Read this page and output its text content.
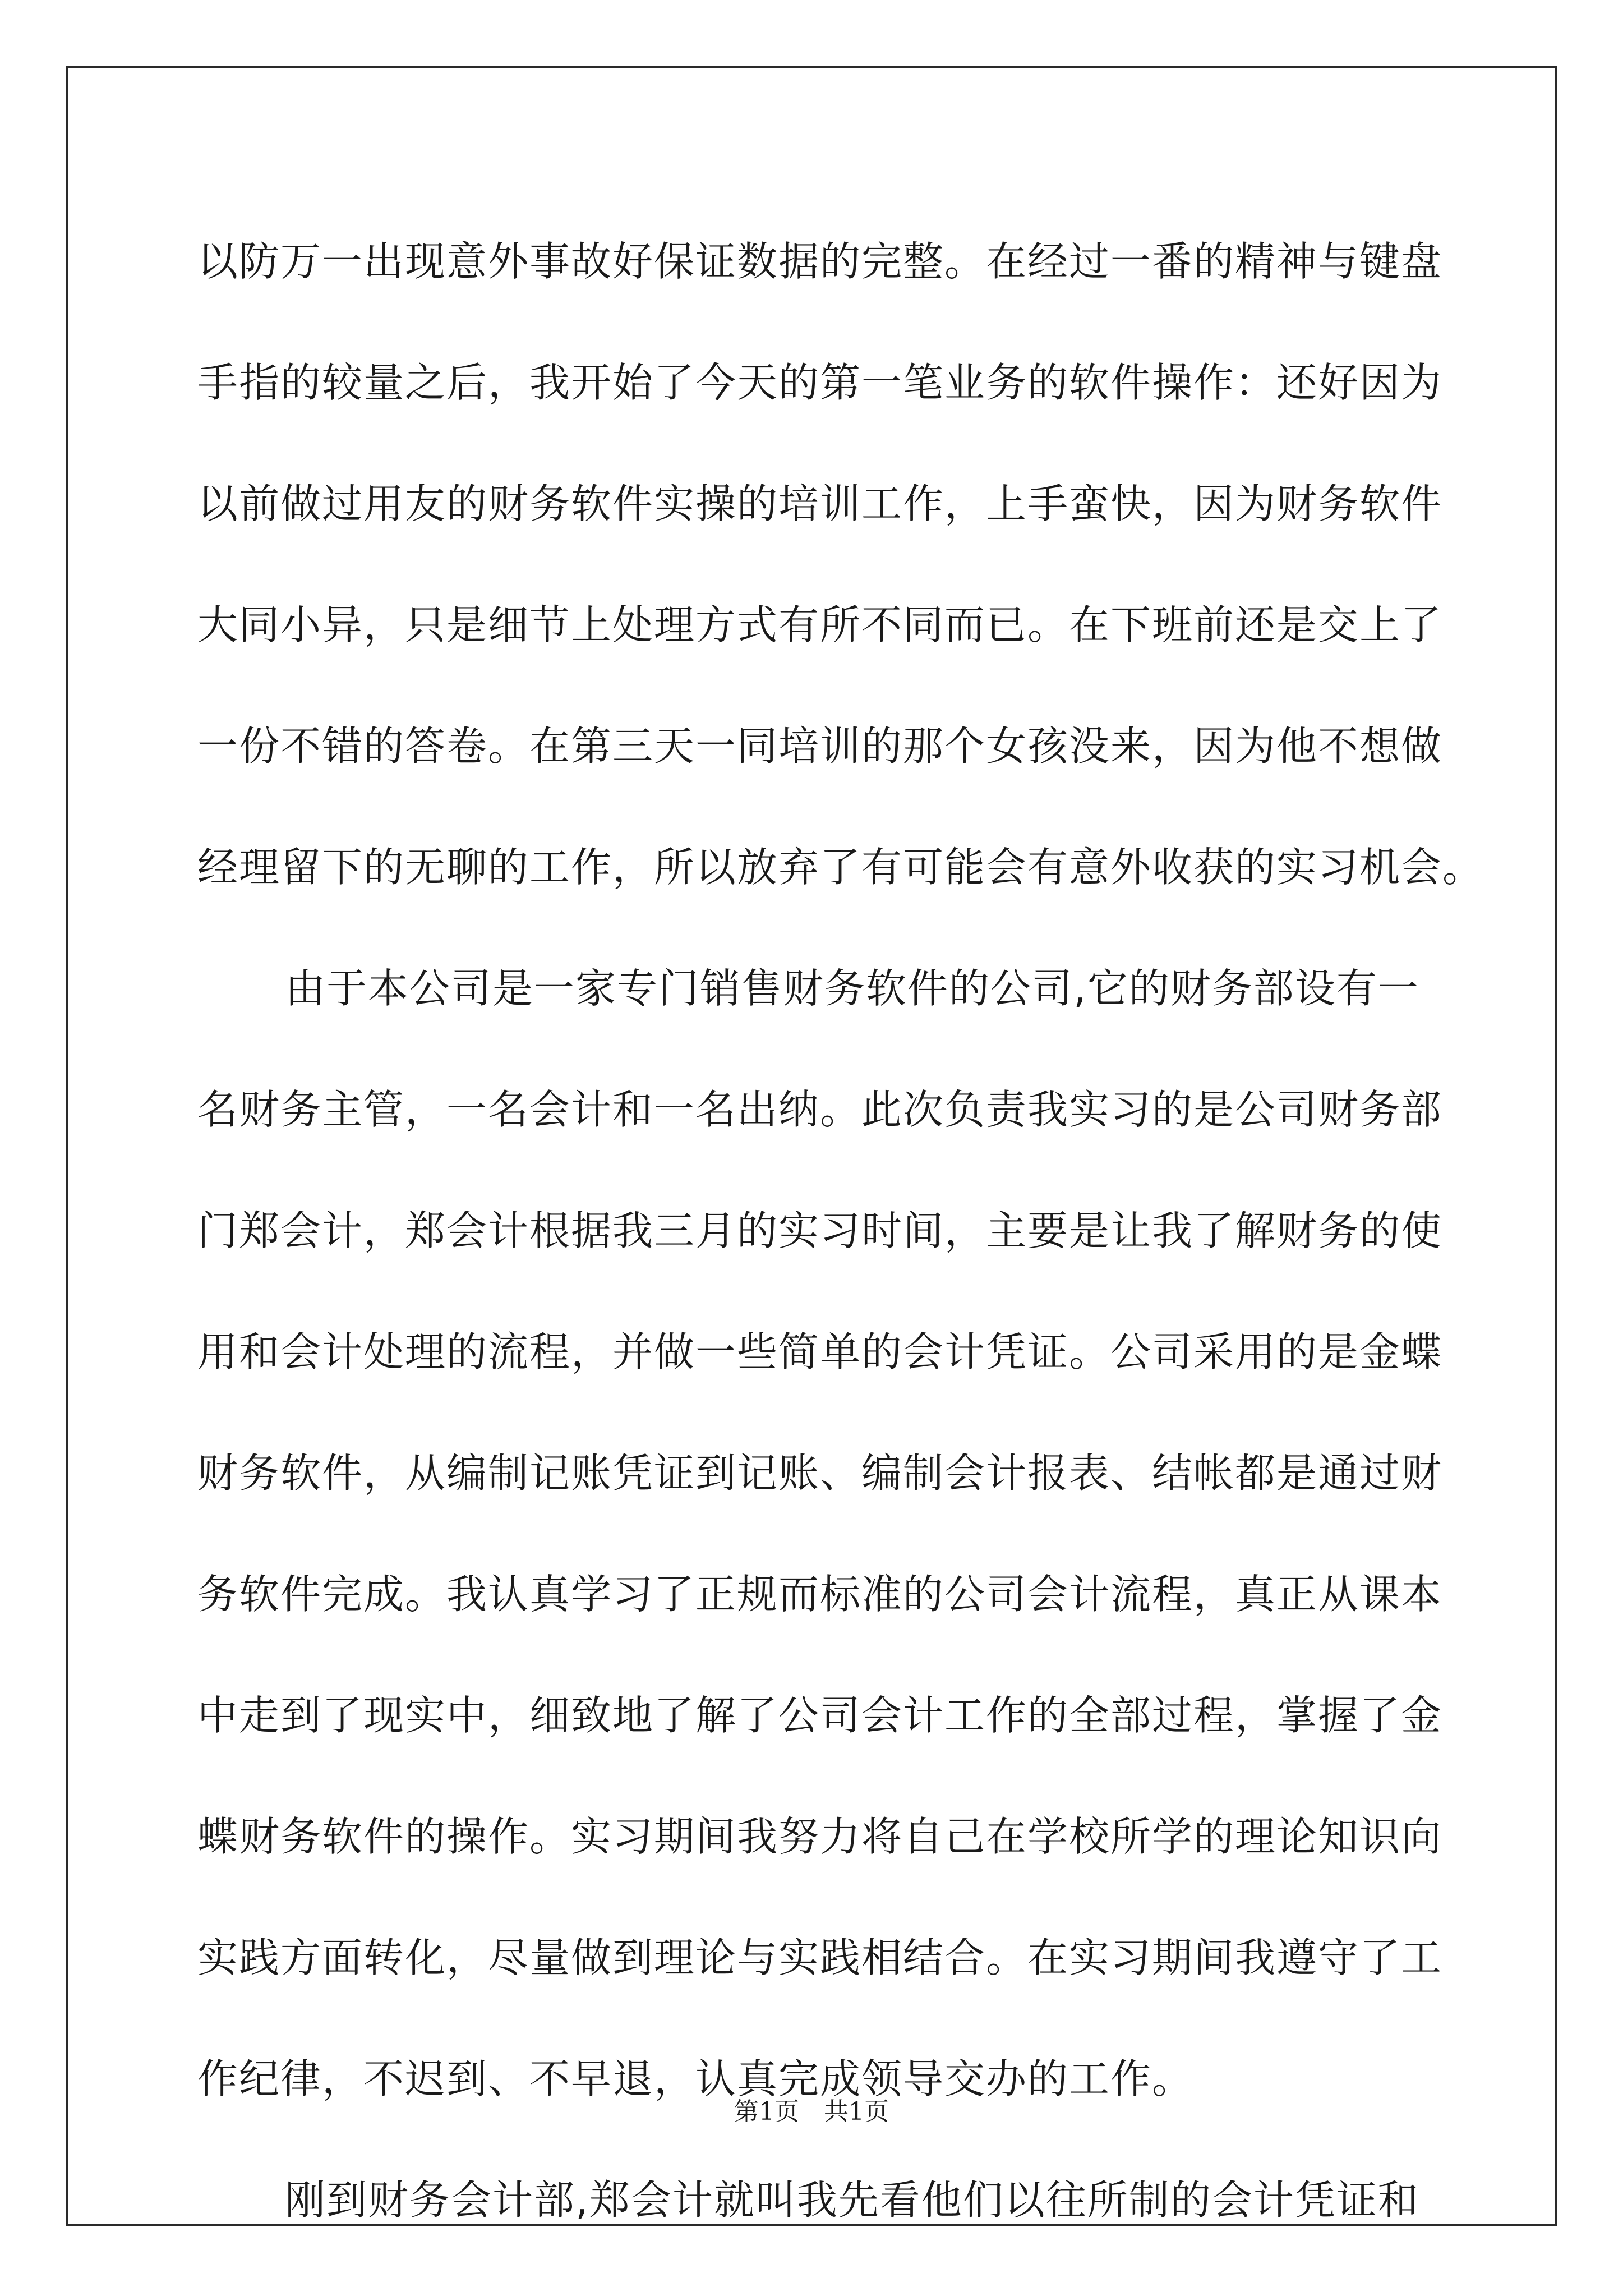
以防万一出现意外事故好保证数据的完整。在经过一番的精神与键盘
手指的较量之后，我开始了今天的第一笔业务的软件操作：还好因为
以前做过用友的财务软件实操的培训工作，上手蛮快，因为财务软件
大同小异，只是细节上处理方式有所不同而已。在下班前还是交上了
一份不错的答卷。在第三天一同培训的那个女孩没来，因为他不想做
经理留下的无聊的工作，所以放弃了有可能会有意外收获的实习机会。
由于本公司是一家专门销售财务软件的公司,它的财务部设有一
名财务主管，一名会计和一名出纳。此次负责我实习的是公司财务部
门郑会计，郑会计根据我三月的实习时间，主要是让我了解财务的使
用和会计处理的流程，并做一些简单的会计凭证。公司采用的是金蝶
财务软件，从编制记账凭证到记账、编制会计报表、结帐都是通过财
务软件完成。我认真学习了正规而标准的公司会计流程，真正从课本
中走到了现实中，细致地了解了公司会计工作的全部过程，掌握了金
蝶财务软件的操作。实习期间我努力将自己在学校所学的理论知识向
实践方面转化，尽量做到理论与实践相结合。在实习期间我遵守了工
作纪律，不迟到、不早退，认真完成领导交办的工作。
刚到财务会计部,郑会计就叫我先看他们以往所制的会计凭证和
第1页　共1页
